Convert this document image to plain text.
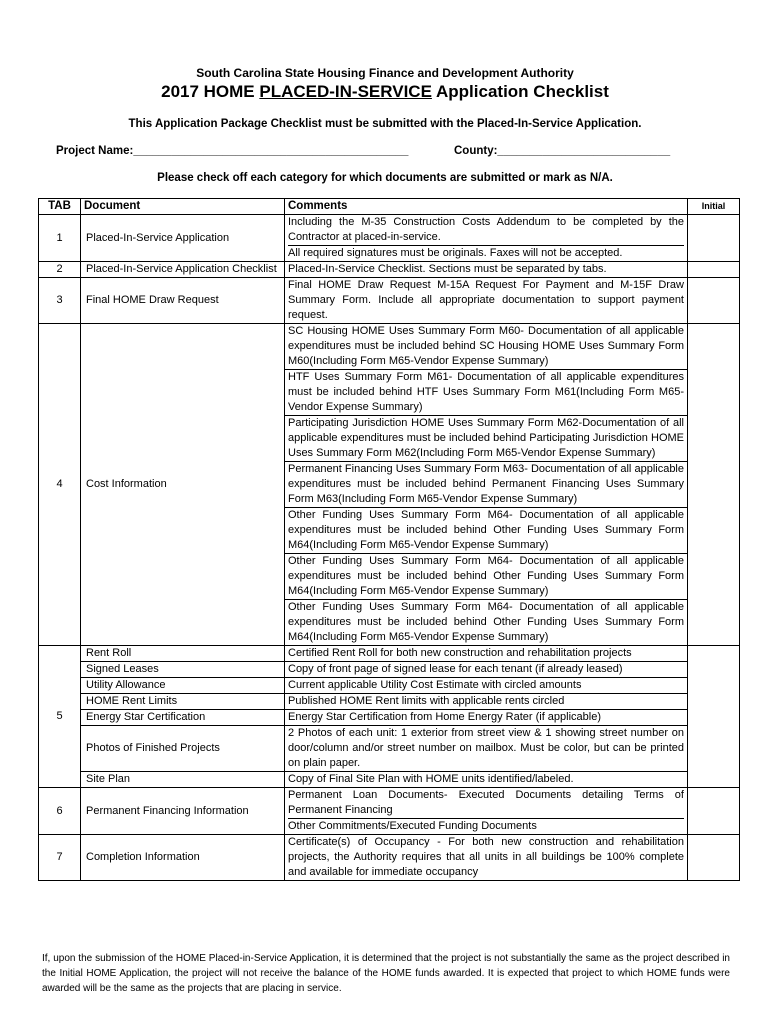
South Carolina State Housing Finance and Development Authority
2017 HOME PLACED-IN-SERVICE Application Checklist
This Application Package Checklist must be submitted with the Placed-In-Service Application.
Project Name:___________________________________________	County:___________________________
Please check off each category for which documents are submitted or mark as N/A.
TAB	Document	Comments	Initial
1	Placed-In-Service Application	Including the M-35 Construction Costs Addendum to be completed by the Contractor at placed-in-service.
All required signatures must be originals. Faxes will not be accepted.	

2	Placed-In-Service Application Checklist	Placed-In-Service Checklist. Sections must be separated by tabs.	
3	Final HOME Draw Request	Final HOME Draw Request M-15A Request For Payment and M-15F Draw Summary Form. Include all appropriate documentation to support payment request.	
4	Cost Information	SC Housing HOME Uses Summary Form M60- Documentation of all applicable expenditures must be included behind SC Housing HOME Uses Summary Form M60(Including Form M65-Vendor Expense Summary)	
		HTF Uses Summary Form M61- Documentation of all applicable expenditures must be included behind HTF Uses Summary Form M61(Including Form M65-Vendor Expense Summary)	
		Participating Jurisdiction HOME Uses Summary Form M62-Documentation of all applicable expenditures must be included behind Participating Jurisdiction HOME Uses Summary Form M62(Including Form M65-Vendor Expense Summary)	
		Permanent Financing Uses Summary Form M63- Documentation of all applicable expenditures must be included behind Permanent Financing Uses Summary Form M63(Including Form M65-Vendor Expense Summary)	
		Other Funding Uses Summary Form M64- Documentation of all applicable expenditures must be included behind Other Funding Uses Summary Form M64(Including Form M65-Vendor Expense Summary)	
		Other Funding Uses Summary Form M64- Documentation of all applicable expenditures must be included behind Other Funding Uses Summary Form M64(Including Form M65-Vendor Expense Summary)	
		Other Funding Uses Summary Form M64- Documentation of all applicable expenditures must be included behind Other Funding Uses Summary Form M64(Including Form M65-Vendor Expense Summary)	
5	Rent Roll	Certified Rent Roll for both new construction and rehabilitation projects	
	Signed Leases	Copy of front page of signed lease for each tenant (if already leased)	
	Utility Allowance	Current applicable Utility Cost Estimate with circled amounts	
	HOME Rent Limits	Published HOME Rent limits with applicable rents circled	
	Energy Star Certification	Energy Star Certification from Home Energy Rater (if applicable)	
	Photos of Finished Projects	2 Photos of each unit: 1 exterior from street view & 1 showing street number on door/column and/or street number on mailbox. Must be color, but can be printed on plain paper.	
	Site Plan	Copy of Final Site Plan with HOME units identified/labeled.	
6	Permanent Financing Information	Permanent Loan Documents- Executed Documents detailing Terms of Permanent Financing
Other Commitments/Executed Funding Documents	

7	Completion Information	Certificate(s) of Occupancy - For both new construction and rehabilitation projects, the Authority requires that all units in all buildings be 100% complete and available for immediate occupancy	
If, upon the submission of the HOME Placed-in-Service Application, it is determined that the project is not substantially the same as the project described in the Initial HOME Application, the project will not receive the balance of the HOME funds awarded. It is expected that project to which HOME funds were awarded will be the same as the projects that are placing in service.
